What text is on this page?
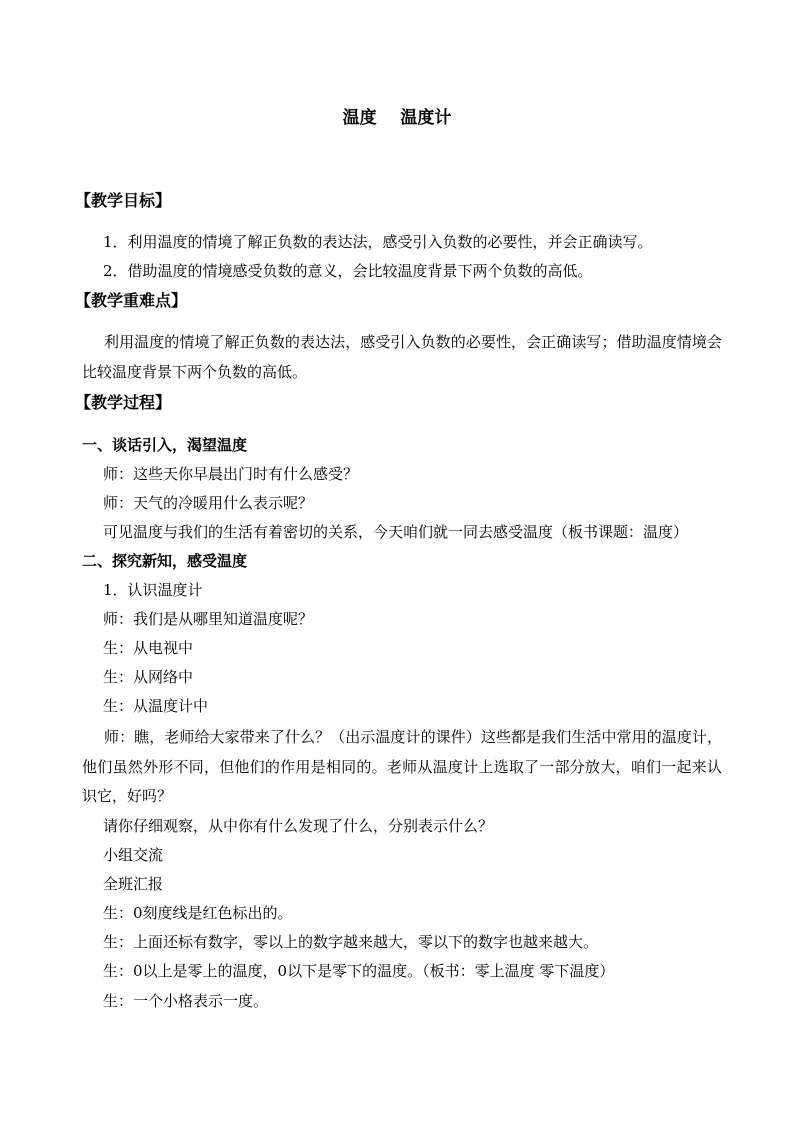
温度    温度计
【教学目标】
1．利用温度的情境了解正负数的表达法，感受引入负数的必要性，并会正确读写。
2．借助温度的情境感受负数的意义，会比较温度背景下两个负数的高低。
【教学重难点】
利用温度的情境了解正负数的表达法，感受引入负数的必要性，会正确读写；借助温度情境会比较温度背景下两个负数的高低。
【教学过程】
一、谈话引入，渴望温度
师：这些天你早晨出门时有什么感受？
师：天气的冷暖用什么表示呢？
可见温度与我们的生活有着密切的关系，今天咱们就一同去感受温度（板书课题：温度）
二、探究新知，感受温度
1．认识温度计
师：我们是从哪里知道温度呢？
生：从电视中
生：从网络中
生：从温度计中
师：瞧，老师给大家带来了什么？（出示温度计的课件）这些都是我们生活中常用的温度计，他们虽然外形不同，但他们的作用是相同的。老师从温度计上选取了一部分放大，咱们一起来认识它，好吗？
请你仔细观察，从中你有什么发现了什么，分别表示什么？
小组交流
全班汇报
生：0刻度线是红色标出的。
生：上面还标有数字，零以上的数字越来越大，零以下的数字也越来越大。
生：0以上是零上的温度，0以下是零下的温度。（板书：零上温度 零下温度）
生：一个小格表示一度。
